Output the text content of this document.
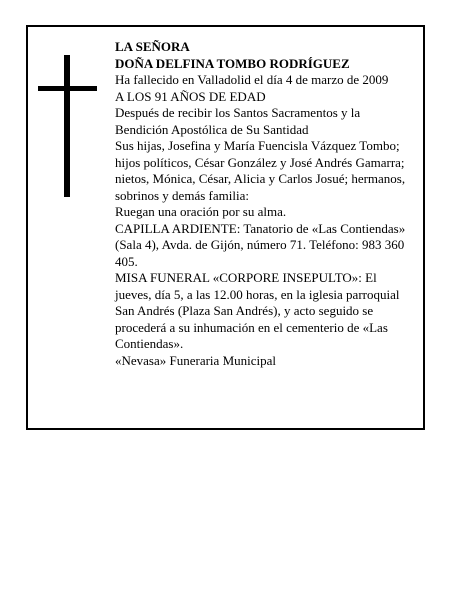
LA SEÑORA

DOÑA DELFINA TOMBO RODRÍGUEZ

Ha fallecido en Valladolid el día 4 de marzo de 2009

A LOS 91 AÑOS DE EDAD

Después de recibir los Santos Sacramentos y la Bendición Apostólica de Su Santidad

Sus hijas, Josefina y María Fuencisla Vázquez Tombo; hijos políticos, César González y José Andrés Gamarra; nietos, Mónica, César, Alicia y Carlos Josué; hermanos, sobrinos y demás familia:

Ruegan una oración por su alma.

CAPILLA ARDIENTE: Tanatorio de «Las Contiendas» (Sala 4), Avda. de Gijón, número 71. Teléfono: 983 360 405.

MISA FUNERAL «CORPORE INSEPULTO»: El jueves, día 5, a las 12.00 horas, en la iglesia parroquial San Andrés (Plaza San Andrés), y acto seguido se procederá a su inhumación en el cementerio de «Las Contiendas».

«Nevasa» Funeraria Municipal
